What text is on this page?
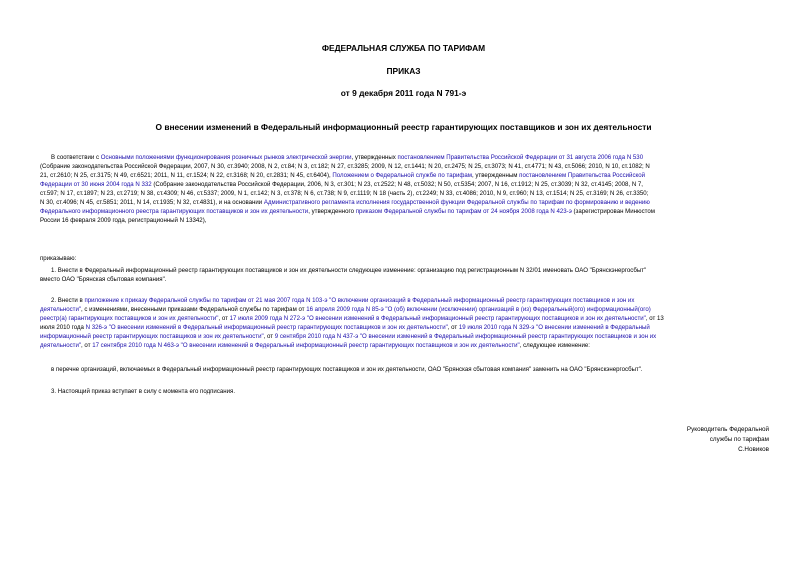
ФЕДЕРАЛЬНАЯ СЛУЖБА ПО ТАРИФАМ
ПРИКАЗ
от 9 декабря 2011 года N 791-э
О внесении изменений в Федеральный информационный реестр гарантирующих поставщиков и зон их деятельности
В соответствии с Основными положениями функционирования розничных рынков электрической энергии, утвержденных постановлением Правительства Российской Федерации от 31 августа 2006 года N 530
(Собрание законодательства Российской Федерации, 2007, N 30, ст.3940; 2008, N 2, ст.84; N 3, ст.182; N 27, ст.3285; 2009, N 12, ст.1441; N 20, ст.2475; N 25, ст.3073; N 41, ст.4771; N 43, ст.5066; 2010, N 10, ст.1082; N
21, ст.2610; N 25, ст.3175; N 49, ст.6521; 2011, N 11, ст.1524; N 22, ст.3168; N 20, ст.2831; N 45, ст.6404), Положением о Федеральной службе по тарифам, утвержденным постановлением Правительства Российской
Федерации от 30 июня 2004 года N 332 (Собрание законодательства Российской Федерации, 2006, N 3, ст.301; N 23, ст.2522; N 48, ст.5032; N 50, ст.5354; 2007, N 16, ст.1912; N 25, ст.3039; N 32, ст.4145; 2008, N 7,
ст.597; N 17, ст.1897; N 23, ст.2719; N 38, ст.4309; N 46, ст.5337; 2009, N 1, ст.142; N 3, ст.378; N 6, ст.738; N 9, ст.1119; N 18 (часть 2), ст.2249; N 33, ст.4086; 2010, N 9, ст.960; N 13, ст.1514; N 25, ст.3169; N 26, ст.3350;
N 30, ст.4096; N 45, ст.5851; 2011, N 14, ст.1935; N 32, ст.4831), и на основании Административного регламента исполнения государственной функции Федеральной службы по тарифам по формированию и ведению
Федерального информационного реестра гарантирующих поставщиков и зон их деятельности, утвержденного приказом Федеральной службы по тарифам от 24 ноября 2008 года N 423-э (зарегистрирован Минюстом
России 16 февраля 2009 года, регистрационный N 13342),
приказываю:
1. Внести в Федеральный информационный реестр гарантирующих поставщиков и зон их деятельности следующее изменение: организацию под регистрационным N 32/01 именовать ОАО "Брянскэнергосбыт"
вместо ОАО "Брянская сбытовая компания".
2. Внести в приложение к приказу Федеральной службы по тарифам от 21 мая 2007 года N 103-э "О включении организаций в Федеральный информационный реестр гарантирующих поставщиков и зон их
деятельности", с изменениями, внесенными приказами Федеральной службы по тарифам от 16 апреля 2009 года N 85-э "О (об) включении (исключении) организаций в (из) Федеральный(ого) информационный(ого)
реестр(а) гарантирующих поставщиков и зон их деятельности", от 17 июля 2009 года N 272-э "О внесении изменений в Федеральный информационный реестр гарантирующих поставщиков и зон их деятельности", от 13
июля 2010 года N 326-э "О внесении изменений в Федеральный информационный реестр гарантирующих поставщиков и зон их деятельности", от 19 июля 2010 года N 329-э "О внесении изменений в Федеральный
информационный реестр гарантирующих поставщиков и зон их деятельности", от 9 сентября 2010 года N 437-э "О внесении изменений в Федеральный информационный реестр гарантирующих поставщиков и зон их
деятельности", от 17 сентября 2010 года N 463-э "О внесении изменений в Федеральный информационный реестр гарантирующих поставщиков и зон их деятельности", следующее изменение:
в перечне организаций, включаемых в Федеральный информационный реестр гарантирующих поставщиков и зон их деятельности, ОАО "Брянская сбытовая компания" заменить на ОАО "Брянскэнергосбыт".
3. Настоящий приказ вступает в силу с момента его подписания.
Руководитель Федеральной
службы по тарифам
С.Новиков
